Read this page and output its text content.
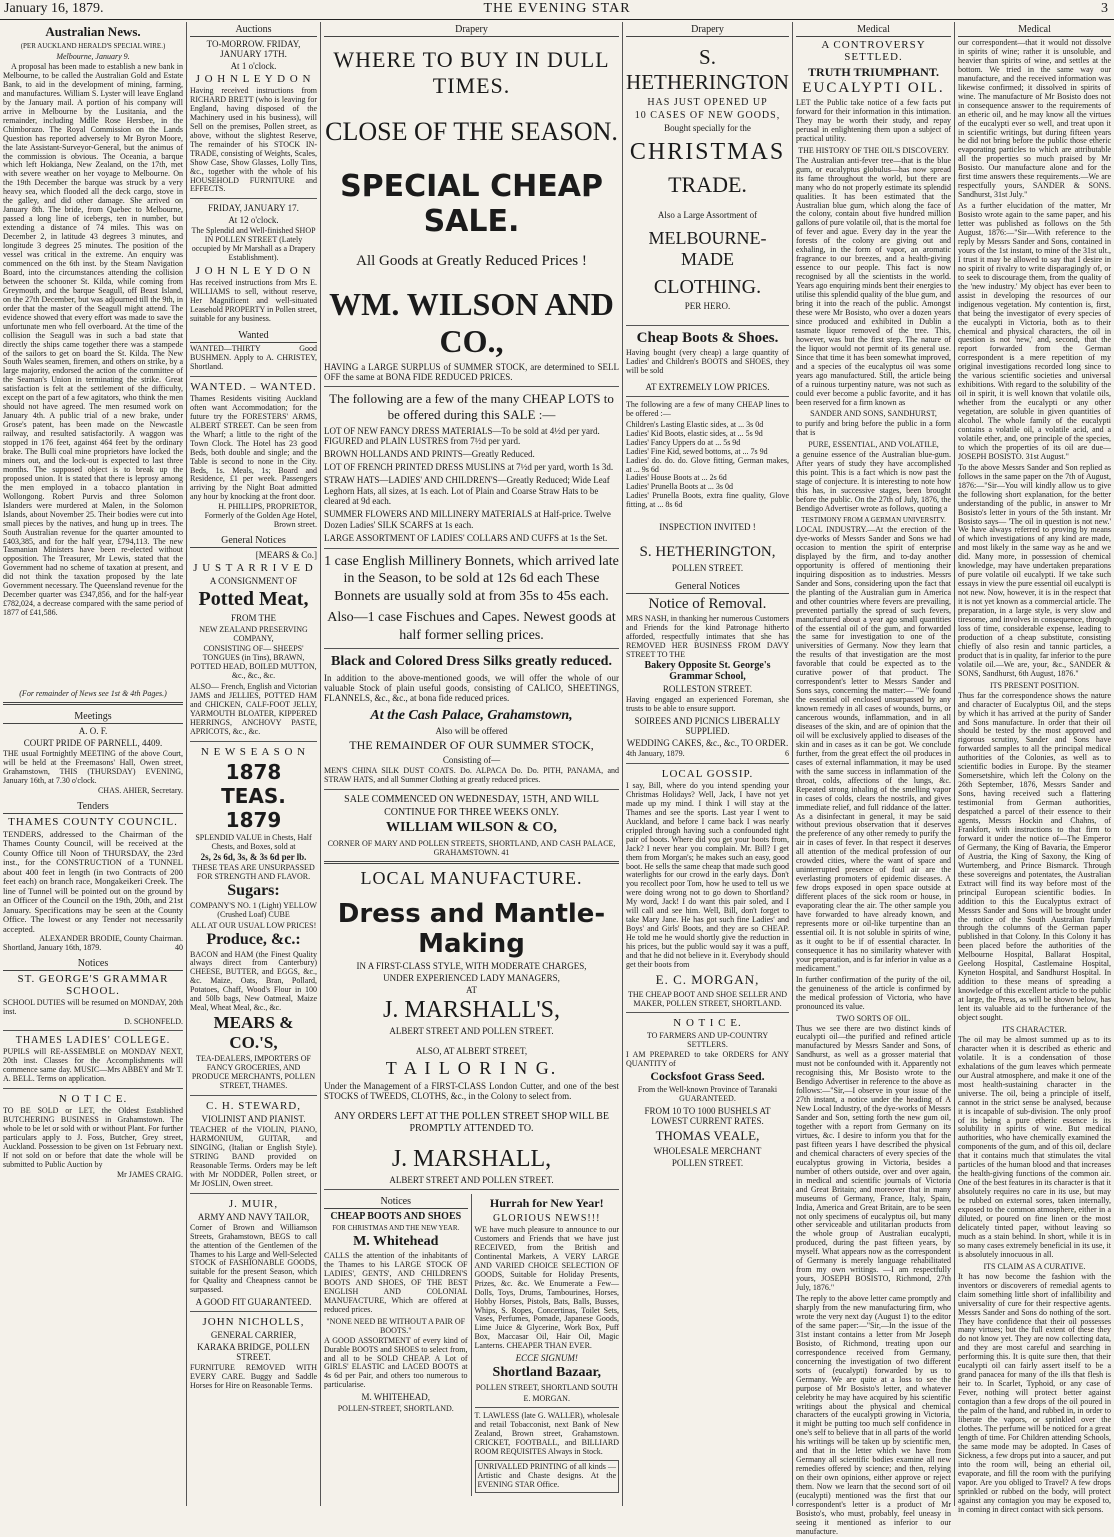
January 16, 1879.	THE EVENING STAR	3
Australian News.
(PER AUCKLAND HERALD'S SPECIAL WIRE.)
Melbourne, January 9.

A proposal has been made to establish a new bank in Melbourne, to be called the Australian Gold and Estate Bank, to aid in the development of mining, farming, and manufactures. William S. Lyster will leave England by the January mail. A portion of his company will arrive in Melbourne by the Lusitania, and the remainder, including Mdlle Rose Hersbee, in the Chimborazo. The Royal Commission on the Lands Question has reported adversely to Mr Byron Moore, the late Assistant-Surveyor-General, but the animus of the commission is obvious. The Oceania, a barque which left Hokianga, New Zealand, on the 17th, met with severe weather on her voyage to Melbourne. On the 19th December the barque was struck by a very heavy sea, which flooded all the deck cargo, stove in the galley, and did other damage. She arrived on January 8th. The bride, from Quebec to Melbourne, passed a long line of icebergs, ten in number, but extending a distance of 74 miles. This was on December 2, in latitude 43 degrees 3 minutes, and longitude 3 degrees 25 minutes. The position of the vessel was critical in the extreme. An enquiry was commenced on the 6th inst. by the Steam Navigation Board, into the circumstances attending the collision between the schooner St. Kilda, while coming from Greymouth, and the barque Seagull, off Beast Island, on the 27th December, but was adjourned till the 9th, in order that the master of the Seagull might attend. The evidence showed that every effort was made to save the unfortunate men who fell overboard. At the time of the collision the Seagull was in such a bad state that directly the ships came together there was a stampede of the sailors to get on board the St. Kilda. The New South Wales seamen, firemen, and others on strike, by a large majority, endorsed the action of the committee of the Seaman's Union in terminating the strike. Great satisfaction is felt at the settlement of the difficulty, except on the part of a few agitators, who think the men should not have agreed. The men resumed work on January 4th. A public trial of a new brake, under Grose's patent, has been made on the Newcastle railway, and resulted satisfactorily. A waggon was stopped in 176 feet, against 464 feet by the ordinary brake. The Bulli coal mine proprietors have locked the miners out, and the lock-out is expected to last three months. The supposed object is to break up the proposed union. It is stated that there is leprosy among the men employed in a tobacco plantation in Wollongong. Robert Purvis and three Solomon Islanders were murdered at Malen, in the Solomon Islands, about November 25. Their bodies were cut into small pieces by the natives, and hung up in trees. The South Australian revenue for the quarter amounted to £403,385, and for the half year, £794,113. The new Tasmanian Ministers have been re-elected without opposition. The Treasurer, Mr Lewis, stated that the Government had no scheme of taxation at present, and did not think the taxation proposed by the late Government necessary. The Queensland revenue for the December quarter was £347,856, and for the half-year £782,024, a decrease compared with the same period of 1877 of £41,586.

(For remainder of News see 1st & 4th Pages.)
Meetings
A. O. F.
COURT PRIDE OF PARNELL, 4409.
THE usual Fortnightly MEETING of the above Court, will be held at the Freemasons' Hall, Owen street, Grahamstown, THIS (THURSDAY) EVENING, January 16th, at 7.30 o'clock.
CHAS. AHIER, Secretary.
Tenders
THAMES COUNTY COUNCIL.
TENDERS, addressed to the Chairman of the Thames County Council, will be received at the County Office till Noon of THURSDAY, the 23rd inst., for the CONSTRUCTION of a TUNNEL about 400 feet in length (in two Contracts of 200 feet each) on branch race, Mongakeikeri Creek. The line of Tunnel will be pointed out on the ground by an Officer of the Council on the 19th, 20th, and 21st January. Specifications may be seen at the County Office. The lowest or any Tender not necessarily accepted.
ALEXANDER BRODIE, County Chairman.
Shortland, January 16th, 1879.	40
Notices
ST. GEORGE'S GRAMMAR SCHOOL.
SCHOOL DUTIES will be resumed on MONDAY, 20th inst.
D. SCHONFELD.
THAMES LADIES' COLLEGE.
PUPILS will RE-ASSEMBLE on MONDAY NEXT, 20th inst. Classes for the Accomplishments will commence same day. MUSIC—Mrs ABBEY and Mr T. A. BELL. Terms on application.
N O T I C E.
TO BE SOLD or LET, the Oldest Established BUTCHERING BUSINESS in Grahamstown. The whole to be let or sold with or without Plant. For further particulars apply to J. Foss, Butcher, Grey street, Auckland. Possession to be given on 1st February next. If not sold on or before that date the whole will be submitted to Public Auction by
Mr JAMES CRAIG.
Auctions
TO-MORROW. FRIDAY, JANUARY 17TH.
At 1 o'clock.
J O H N L E Y D O N
Having received instructions from RICHARD BRETT (who is leaving for England, having disposed of the Machinery used in his business), will Sell on the premises, Pollen street, as above, without the slightest Reserve, The remainder of his STOCK IN-TRADE, consisting of Weights, Scales, Show Case, Show Glasses, Lolly Tins, &c., together with the whole of his HOUSEHOLD FURNITURE and EFFECTS.
FRIDAY, JANUARY 17.
At 12 o'clock.
The Splendid and Well-finished SHOP IN POLLEN STREET (Lately occupied by Mr Marshall as a Drapery Establishment).
J O H N L E Y D O N
Has received instructions from Mrs E. WILLIAMS to sell, without reserve, Her Magnificent and well-situated Leasehold PROPERTY in Pollen street, suitable for any business.
Wanted
WANTED—THIRTY Good BUSHMEN. Apply to A. CHRISTEY, Shortland.
WANTED. – WANTED.
Thames Residents visiting Auckland often want Accommodation; for the future try the FORESTERS' ARMS, ALBERT STREET. Can be seen from the Wharf; a little to the right of the Town Clock. The Hotel has 23 good Beds, both double and single; and the Table is second to none in the City. Beds, 1s. Meals, 1s; Board and Residence, £1 per week. Passengers arriving by the Night Boat admitted any hour by knocking at the front door.
H. PHILLIPS, PROPRIETOR, Formerly of the Golden Age Hotel, Brown street.
General Notices
[MEARS & Co.]
J U S T A R R I V E D
A CONSIGNMENT OF
Potted Meat,
FROM THE
NEW ZEALAND PRESERVING COMPANY,
CONSISTING OF— SHEEPS' TONGUES (in Tins), BRAWN, POTTED HEAD, BOILED MUTTON, &c., &c., &c.
ALSO— French, English and Victorian JAMS and JELLIES, POTTED HAM and CHICKEN, CALF-FOOT JELLY, YARMOUTH BLOATER, KIPPERED HERRINGS, ANCHOVY PASTE, APRICOTS, &c., &c.
N E W S E A S O N
1878 TEAS. 1879
SPLENDID VALUE in Chests, Half Chests, and Boxes, sold at
2s, 2s 6d, 3s, & 3s 6d per lb.
THESE TEAS ARE UNSURPASSED FOR STRENGTH AND FLAVOR.
Sugars:
COMPANY'S NO. 1 (Light) YELLOW (Crushed Loaf) CUBE
ALL AT OUR USUAL LOW PRICES!
Produce, &c.:
BACON and HAM (the Finest Quality always direct from Canterbury) CHEESE, BUTTER, and EGGS, &c., &c. Maize, Oats, Bran, Pollard, Potatoes, Chaff, Wood's Flour in 100 and 50lb bags, New Oatmeal, Maize Meal, Wheat Meal, &c., &c.
MEARS & CO.'S,
TEA-DEALERS, IMPORTERS OF FANCY GROCERIES, AND PRODUCE MERCHANTS, POLLEN STREET, THAMES.
C. H. STEWARD,
VIOLINIST AND PIANIST.
TEACHER of the VIOLIN, PIANO, HARMONIUM, GUITAR, and SINGING, (Italian or English Style). STRING BAND provided on Reasonable Terms. Orders may be left with Mr NODDER, Pollen street, or Mr JOSLIN, Owen street.
J. MUIR,
ARMY AND NAVY TAILOR,
Corner of Brown and Williamson Streets, Grahamstown, BEGS to call the attention of the Gentlemen of the Thames to his Large and Well-Selected STOCK of FASHIONABLE GOODS, suitable for the present Season, which for Quality and Cheapness cannot be surpassed.
A GOOD FIT GUARANTEED.
JOHN NICHOLLS,
GENERAL CARRIER,
KARAKA BRIDGE, POLLEN STREET.
FURNITURE REMOVED WITH EVERY CARE. Buggy and Saddle Horses for Hire on Reasonable Terms.
Drapery
WHERE TO BUY IN DULL TIMES.
CLOSE OF THE SEASON.
SPECIAL CHEAP SALE.
All Goods at Greatly Reduced Prices !
WM. WILSON AND CO.,
HAVING a LARGE SURPLUS of SUMMER STOCK, are determined to SELL OFF the same at BONA FIDE REDUCED PRICES.
The following are a few of the many CHEAP LOTS to be offered during this SALE :—
LOT OF NEW FANCY DRESS MATERIALS—To be sold at 4½d per yard. FIGURED and PLAIN LUSTRES from 7½d per yard.
BROWN HOLLANDS AND PRINTS—Greatly Reduced.
LOT OF FRENCH PRINTED DRESS MUSLINS at 7½d per yard, worth 1s 3d.
STRAW HATS—LADIES' AND CHILDREN'S—Greatly Reduced; Wide Leaf Leghorn Hats, all sizes, at 1s each. Lot of Plain and Coarse Straw Hats to be cleared at 9d each.
SUMMER FLOWERS AND MILLINERY MATERIALS at Half-price. Twelve Dozen Ladies' SILK SCARFS at 1s each.
LARGE ASSORTMENT OF LADIES' COLLARS AND CUFFS at 1s the Set.
1 case English Millinery Bonnets, which arrived late in the Season, to be sold at 12s 6d each These Bonnets are usually sold at from 35s to 45s each.
Also—1 case Fischues and Capes. Newest goods at half former selling prices.
Black and Colored Dress Silks greatly reduced.
In addition to the above-mentioned goods, we will offer the whole of our valuable Stock of plain useful goods, consisting of CALICO, SHEETINGS, FLANNELS, &c., &c., at bona fide reduced prices.
At the Cash Palace, Grahamstown,
Also will be offered
THE REMAINDER OF OUR SUMMER STOCK,
Consisting of—
MEN'S CHINA SILK DUST COATS. Do. ALPACA Do. Do. PITH, PANAMA, and STRAW HATS, and all Summer Clothing at greatly reduced prices.
SALE COMMENCED ON WEDNESDAY, 15TH, AND WILL CONTINUE FOR THREE WEEKS ONLY.
WILLIAM WILSON & CO,
CORNER OF MARY AND POLLEN STREETS, SHORTLAND, AND CASH PALACE, GRAHAMSTOWN. 41
LOCAL MANUFACTURE.
Dress and Mantle-Making
IN A FIRST-CLASS STYLE, WITH MODERATE CHARGES,
UNDER EXPERIENCED LADY MANAGERS,
AT
J. MARSHALL'S,
ALBERT STREET AND POLLEN STREET.
ALSO, AT ALBERT STREET,
T A I L O R I N G.
Under the Management of a FIRST-CLASS London Cutter, and one of the best STOCKS of TWEEDS, CLOTHS, &c., in the Colony to select from.
ANY ORDERS LEFT AT THE POLLEN STREET SHOP WILL BE PROMPTLY ATTENDED TO.
J. MARSHALL,
ALBERT STREET AND POLLEN STREET.
Notices
CHEAP BOOTS AND SHOES
FOR CHRISTMAS AND THE NEW YEAR.
M. Whitehead
CALLS the attention of the inhabitants of the Thames to his LARGE STOCK OF LADIES', GENTS', AND CHILDREN'S BOOTS AND SHOES, OF THE BEST ENGLISH AND COLONIAL MANUFACTURE, Which are offered at reduced prices.
"NONE NEED BE WITHOUT A PAIR OF BOOTS."
A GOOD ASSORTMENT of every kind of Durable BOOTS and SHOES to select from, and all to be SOLD CHEAP. A Lot of GIRLS' ELASTIC and LACED BOOTS at 4s 6d per Pair, and others too numerous to particularise.
M. WHITEHEAD,
POLLEN-STREET, SHORTLAND.
Hurrah for New Year!
GLORIOUS NEWS!!!
WE have much pleasure to announce to our Customers and Friends that we have just RECEIVED, from the British and Continental Markets, A VERY LARGE AND VARIED CHOICE SELECTION OF GOODS, Suitable for Holiday Presents, Prizes, &c. &c. We Enumerate a Few— Dolls, Toys, Drums, Tambourines, Horses, Hobby Horses, Pistols, Bats, Balls, Busses, Whips, S. Ropes, Concertinas, Toilet Sets, Vases, Perfumes, Pomade, Japanese Goods, Lime Juice & Glycerine, Work Box, Puff Box, Maccasar Oil, Hair Oil, Magic Lanterns. CHEAPER THAN EVER.
ECCE SIGNUM!
Shortland Bazaar,
POLLEN STREET, SHORTLAND SOUTH
E. MORGAN.
T. LAWLESS (late G. WALLER), wholesale and retail Tobacconist, next Bank of New Zealand, Brown street, Grahamstown. CRICKET, FOOTBALL, and BILLIARD ROOM REQUISITES Always in Stock.
UNRIVALLED PRINTING of all kinds — Artistic and Chaste designs. At the EVENING STAR Office.
Drapery
S. HETHERINGTON
HAS JUST OPENED UP
10 CASES OF NEW GOODS,
Bought specially for the
CHRISTMAS
TRADE.
Also a Large Assortment of
MELBOURNE-MADE
CLOTHING.
PER HERO.
Cheap Boots & Shoes.
Having bought (very cheap) a large quantity of Ladies' and Children's BOOTS and SHOES, they will be sold
AT EXTREMELY LOW PRICES.
The following are a few of many CHEAP lines to be offered :—
Children's Lasting Elastic sides, at ... 3s 0d
Ladies' Kid Boots, elastic sides, at ... 5s 9d
Ladies' Fancy Uppers do at ... 5s 9d
Ladies' Fine Kid, sewed bottoms, at ... 7s 9d
Ladies' do. do. do. Glove fitting, German makes, at ... 9s 6d
Ladies' House Boots at ... 2s 6d
Ladies' Prunella Boots at ... 3s 0d
Ladies' Prunella Boots, extra fine quality, Glove fitting, at ... 8s 6d
INSPECTION INVITED !
S. HETHERINGTON,
POLLEN STREET.
General Notices
Notice of Removal.
MRS NASH, in thanking her numerous Customers and Friends for the kind Patronage hitherto afforded, respectfully intimates that she has REMOVED HER BUSINESS FROM DAVY STREET TO THE
Bakery Opposite St. George's Grammar School,
ROLLESTON STREET.
Having engaged an experienced Foreman, she trusts to be able to ensure support.
SOIREES AND PICNICS LIBERALLY SUPPLIED.
WEDDING CAKES, &c., &c., TO ORDER.
4th January, 1879.	6
LOCAL GOSSIP.
I say, Bill, where do you intend spending your Christmas Holidays? Well, Jack, I have not yet made up my mind. I think I will stay at the Thames and see the sports. Last year I went to Auckland, and before I came back I was nearly crippled through having such a confounded tight pair of boots. Where did you get your boots from, Jack? I never hear you complain. Mr. Bill? I get them from Morgan's; he makes such an easy, good boot. He sells the same cheap that made such good waterlights for our crowd in the early days. Don't you recollect poor Tom, how he used to tell us we were doing wrong not to go down to Shortland? My word, Jack! I do want this pair soled, and I will call and see him. Well, Bill, don't forget to take Mary Jane. He has got such fine Ladies' and Boys' and Girls' Boots, and they are so CHEAP. He told me he would shortly give the reduction in his prices, but the public would say it was a puff, and that he did not believe in it. Everybody should get their boots from
E. C. MORGAN,
THE CHEAP BOOT AND SHOE SELLER AND MAKER, POLLEN STREET, SHORTLAND.
N O T I C E.
TO FARMERS AND UP-COUNTRY SETTLERS.
I AM PREPARED to take ORDERS for ANY QUANTITY of
Cocksfoot Grass Seed.
From the Well-known Province of Taranaki GUARANTEED.
FROM 10 TO 1000 BUSHELS AT LOWEST CURRENT RATES.
THOMAS VEALE,
WHOLESALE MERCHANT
POLLEN STREET.
Medical
A CONTROVERSY SETTLED.
TRUTH TRIUMPHANT.
EUCALYPTI OIL.
LET the Public take notice of a few facts put forward for their information in this intimation. They may be worth their study, and repay perusal in enlightening them upon a subject of practical utility.
THE HISTORY OF THE OIL'S DISCOVERY.
The Australian anti-fever tree—that is the blue gum, or eucalyptus globulus—has now spread its fame throughout the world, but there are many who do not properly estimate its splendid qualities. It has been estimated that the Australian blue gum, which along the face of the colony, contain about five hundred million gallons of pure volatile oil, that is the mortal foe of fever and ague. Every day in the year the forests of the colony are giving out and exhaling, in the form of vapor, an aromatic fragrance to our breezes, and a health-giving essence to our people. This fact is now recognised by all the scientists in the world. Years ago enquiring minds bent their energies to utilise this splendid quality of the blue gum, and bring it into the reach of the public. Amongst these were Mr Bosisto, who over a dozen years since produced and exhibited in Dublin a tasmate liquor removed of the tree. This, however, was but the first step. The nature of the liquor would not permit of its general use. Since that time it has been somewhat improved, and a species of the eucalyptus oil was some years ago manufactured. Still, the article being of a ruinous turpentiny nature, was not such as could ever become a public favorite, and it has been reserved for a firm known as
SANDER AND SONS, SANDHURST,
to purify and bring before the public in a form that is
PURE, ESSENTIAL, AND VOLATILE,
a genuine essence of the Australian blue-gum. After years of study they have accomplished this point. This is a fact which is now past the stage of conjecture. It is interesting to note how this has, in successive stages, been brought before the public. On the 27th of July, 1876, the Bendigo Advertiser wrote as follows, quoting a
TESTIMONY FROM A GERMAN UNIVERSITY.
LOCAL INDUSTRY.—At the erection of the dye-works of Messrs Sander and Sons we had occasion to mention the spirit of enterprise displayed by the firm, and to-day another opportunity is offered of mentioning their inquiring disposition as to industries. Messrs Sander and Sons, considering upon the fact that the planting of the Australian gum in America and other countries where fevers are prevailing, prevented partially the spread of such fevers, manufactured about a year ago small quantities of the essential oil of the gum, and forwarded the same for investigation to one of the universities of Germany. Now they learn that the results of that investigation are the most favorable that could be expected as to the curative power of that product. The correspondent's letter to Messrs Sander and Sons says, concerning the matter:— "We found the essential oil enclosed unsurpassed by any known remedy in all cases of wounds, burns, or cancerous wounds, inflammation, and in all diseases of the skin, and are of opinion that the oil will be exclusively applied to diseases of the skin and in cases as it can be got. We conclude further, from the great effect the oil produces in cases of external inflammation, it may be used with the same success in inflammation of the throat, colds, affections of the lungs, &c. Repeated strong inhaling of the smelling vapor in cases of colds, clears the nostrils, and gives immediate relief, and full riddance of the latter. As a disinfectant in general, it may be said without previous observation that it deserves the preference of any other remedy to purify the air in cases of fever. In that respect it deserves all attention of the medical profession of our crowded cities, where the want of space and uninterrupted presence of foul air are the everlasting promoters of epidemic diseases. A few drops exposed in open space outside at different places of the sick room or house, in evaporating clear the air. The other sample you have forwarded to have already known, and represents more or oil-like turpentine than an essential oil. It is not soluble in spirits of wine, as it ought to be if of essential character. In consequence it has no similarity whatever with your preparation, and is far inferior in value as a medicament."
In further confirmation of the purity of the oil, the genuineness of the article is confirmed by the medical profession of Victoria, who have pronounced its value.
TWO SORTS OF OIL.
Thus we see there are two distinct kinds of eucalypti oil—the purified and refined article manufactured by Messrs Sander and Sons, of Sandhurst, as well as a grosser material that must not be confounded with it. Apparently not recognising this, Mr Bosisto wrote to the Bendigo Advertiser in reference to the above as follows:—"Sir,—I observe in your issue of the 27th instant, a notice under the heading of A New Local Industry, of the dye-works of Messrs Sander and Son, setting forth the new gum oil, together with a report from Germany on its virtues, &c. I desire to inform you that for the past fifteen years I have described the physical and chemical characters of every species of the eucalyptus growing in Victoria, besides a number of others outside, over and over again, in medical and scientific journals of Victoria and Great Britain; and moreover that in many museums of Germany, France, Italy, Spain, India, America and Great Britain, are to be seen not only specimens of eucalyptus oil, but many other serviceable and utilitarian products from the whole group of Australian eucalypti, produced, during the past fifteen years, by myself. What appears now as the correspondent of Germany is merely language rehabilitated from my own writings. —I am respectfully yours, JOSEPH BOSISTO, Richmond, 27th July, 1876."
The reply to the above letter came promptly and sharply from the new manufacturing firm, who wrote the very next day (August 1) to the editor of the same paper:—"Sir,—In the issue of the 31st instant contains a letter from Mr Joseph Bosisto, of Richmond, treating upon our correspondence received from Germany, concerning the investigation of two different sorts of (eucalypti) forwarded by us to Germany. We are quite at a loss to see the purpose of Mr Bosisto's letter, and whatever celebrity he may have acquired by his scientific writings about the physical and chemical characters of the eucalypti growing in Victoria, it might be putting too much self confidence in one's self to believe that in all parts of the world his writings will be taken up by scientific men, and that in the letter which we have from Germany all scientific bodies examine all new remedies offered by science; and then, relying on their own opinions, either approve or reject them. Now we learn that the second sort of oil (eucalypti) mentioned was the first that our correspondent's letter is a product of Mr Bosisto's, who must, probably, feel uneasy in seeing it mentioned as inferior to our manufacture.
Medical
our correspondent—that it would not dissolve in spirits of wine; rather it is unsoluble, and heavier than spirits of wine, and settles at the bottom. We tried in the same way our manufacture, and the received information was likewise confirmed; it dissolved in spirits of wine. The manufacture of Mr Bosisto does not in consequence answer to the requirements of an etheric oil, and he may know all the virtues of the eucalypti ever so well, and treat upon it in scientific writings, but during fifteen years he did not bring before the public those etheric evaporating particles to which are attributable all the properties so much praised by Mr Bosisto. Our manufacture alone and for the first time answers these requirements.—We are respectfully yours, SANDER & SONS. Sandhurst, 31st July."
As a further elucidation of the matter, Mr Bosisto wrote again to the same paper, and his letter was published as follows on the 5th August, 1876:—"Sir—With reference to the reply by Messrs Sander and Sons, contained in yours of the 1st instant, to mine of the 31st ult., I trust it may be allowed to say that I desire in no spirit of rivalry to write disparagingly of, or to seek to discourage them, from the quality of the 'new industry.' My object has ever been to assist in developing the resources of our indigenous vegetation. My contention is, first, that being the investigator of every species of the eucalypti in Victoria, both as to their chemical and physical characters, the oil in question is not 'new,' and, second, that the report forwarded from the German correspondent is a mere repetition of my original investigations recorded long since to the various scientific societies and universal exhibitions. With regard to the solubility of the oil in spirit, it is well known that volatile oils, whether from the eucalypti or any other vegetation, are soluble in given quantities of alcohol. The whole family of the eucalypti contains a volatile oil, a volatile acid, and a volatile ether, and, one principle of the species, to which the properties of its oil are due—JOSEPH BOSISTO. 31st August."
To the above Messrs Sander and Son replied as follows in the same paper on the 7th of August, 1876:—"Sir—You will kindly allow us to give the following short explanation, for the better understanding of the public, in answer to Mr Bosisto's letter in yours of the 5th instant. Mr Bosisto says— 'The oil in question is not new.' We have always referred to proving by means of which investigations of any kind are made, and most likely in the same way as he and we did. Many more, in possession of chemical knowledge, may have undertaken preparations of pure volatile oil eucalypti. If we take such essays in view the pure essential oil eucalypti is not new. Now, however, it is in the respect that it is not yet known as a commercial article. The preparation, in a large style, is very slow and tiresome, and involves in consequence, through loss of time, considerable expense, leading to production of a cheap substitute, consisting chiefly of also resin and tannic particles, a product that is in quality, far inferior to the pure volatile oil.—We are, your, &c., SANDER & SONS, Sandhurst, 6th August, 1876."
ITS PRESENT POSITION.
Thus far the correspondence shows the nature and character of Eucalyptus Oil, and the steps by which it has arrived at the purity of Sander and Sons manufacture. In order that their oil should be tested by the most approved and rigorous scrutiny, Sander and Sons have forwarded samples to all the principal medical authorities of the Colonies, as well as to scientific bodies in Europe. By the steamer Somersetshire, which left the Colony on the 26th September, 1876, Messrs Sander and Sons, having received such a flattering testimonial from German authorities, despatched a parcel of their essence to their agents, Messrs Hockin and Chahns, of Frankfort, with instructions to that firm to forward it under the notice of—The Emperor of Germany, the King of Bavaria, the Emperor of Austria, the King of Saxony, the King of Wurtemberg, and Prince Bismarck. Through these sovereigns and potentates, the Australian Extract will find its way before most of the principal European scientific bodies. In addition to this the Eucalyptus extract of Messrs Sander and Sons will be brought under the notice of the South Australian family through the columns of the German paper published in that Colony. In this Colony it has been placed before the authorities of the Melbourne Hospital, Ballarat Hospital, Geelong Hospital, Castlemaine Hospital, Kyneton Hospital, and Sandhurst Hospital. In addition to these means of spreading a knowledge of this excellent article to the public at large, the Press, as will be shown below, has lent its valuable aid to the furtherance of the object sought.
ITS CHARACTER.
The oil may be almost summed up as to its character when it is described as etheric and volatile. It is a condensation of those exhalations of the gum leaves which permeate our Austral atmosphere, and make it one of the most health-sustaining character in the universe. The oil, being a principle of itself, cannot in the strict sense be analysed, because it is incapable of sub-division. The only proof of its being a pure etheric essence is its solubility in spirits of wine. But medical authorities, who have chemically examined the components of the gum, and of this oil, declare that it contains much that stimulates the vital particles of the human blood and that increases the health-giving functions of the common air. One of the best features in its character is that it absolutely requires no care in its use, but may be rubbed on external sores, taken internally, exposed to the common atmosphere, either in a diluted, or poured on fine linen or the most delicately tinted paper, without leaving so much as a stain behind. In short, while it is in so many cases extremely beneficial in its use, it is absolutely innocuous in all.
ITS CLAIM AS A CURATIVE.
It has now become the fashion with the inventors or discoverers of remedial agents to claim something little short of infallibility and universality of cure for their respective agents. Messrs Sander and Sons do nothing of the sort. They have confidence that their oil possesses many virtues; but the full extent of these they do not know yet. They are now collecting data, and they are most careful and searching in performing this. It is quite sure then, that their eucalypti oil can fairly assert itself to be a grand panacea for many of the ills that flesh is heir to. In Scarlet, Typhoid, or any case of Fever, nothing will protect better against contagion than a few drops of the oil poured in the palm of the hand, and rubbed in, in order to liberate the vapors, or sprinkled over the clothes. The perfume will be noticed for a great length of time. For Children attending Schools, the same mode may be adopted. In Cases of Sickness, a few drops put into a saucer, and put into the room will, being an etherial oil, evaporate, and fill the room with the purifying vapor. Are you obliged to Travel? A few drops sprinkled or rubbed on the body, will protect against any contagion you may be exposed to, in coming in direct contact with sick persons.
